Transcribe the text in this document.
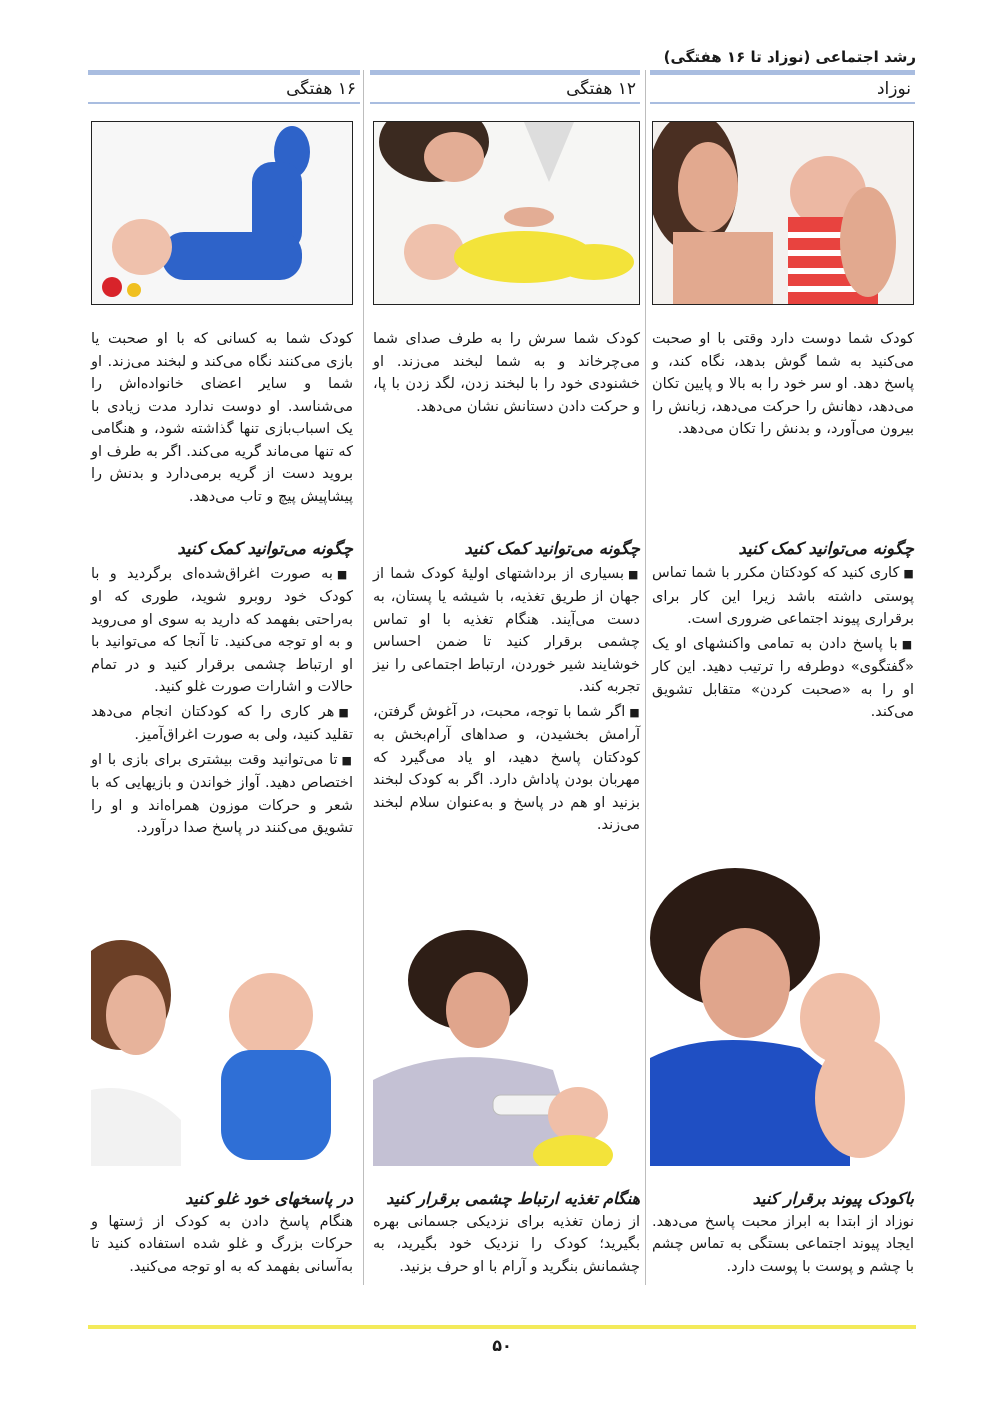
رشد اجتماعی (نوزاد تا ۱۶ هفتگی)
نوزاد
۱۲ هفتگی
۱۶ هفتگی

کودک شما دوست دارد وقتی با او صحبت می‌کنید به شما گوش بدهد، نگاه کند، و پاسخ دهد. او سر خود را به بالا و پایین تکان می‌دهد، دهانش را حرکت می‌دهد، زبانش را بیرون می‌آورد، و بدنش را تکان می‌دهد.

چگونه می‌توانید کمک کنید

■ کاری کنید که کودکتان مکرر با شما تماس پوستی داشته باشد زیرا این کار برای برقراری پیوند اجتماعی ضروری است.

■ با پاسخ دادن به تمامی واکنشهای او یک «گفتگوی» دوطرفه را ترتیب دهید. این کار او را به «صحبت کردن» متقابل تشویق می‌کند.

کودک شما سرش را به طرف صدای شما می‌چرخاند و به شما لبخند می‌زند. او خشنودی خود را با لبخند زدن، لگد زدن با پا، و حرکت دادن دستانش نشان می‌دهد.

چگونه می‌توانید کمک کنید

■ بسیاری از برداشتهای اولیهٔ کودک شما از جهان از طریق تغذیه، با شیشه یا پستان، به دست می‌آیند. هنگام تغذیه با او تماس چشمی برقرار کنید تا ضمن احساس خوشایند شیر خوردن، ارتباط اجتماعی را نیز تجربه کند.

■ اگر شما با توجه، محبت، در آغوش گرفتن، آرامش بخشیدن، و صداهای آرام‌بخش به کودکتان پاسخ دهید، او یاد می‌گیرد که مهربان بودن پاداش دارد. اگر به کودک لبخند بزنید او هم در پاسخ و به‌عنوان سلام لبخند می‌زند.

کودک شما به کسانی که با او صحبت یا بازی می‌کنند نگاه می‌کند و لبخند می‌زند. او شما و سایر اعضای خانواده‌اش را می‌شناسد. او دوست ندارد مدت زیادی با یک اسباب‌بازی تنها گذاشته شود، و هنگامی که تنها می‌ماند گریه می‌کند. اگر به طرف او بروید دست از گریه برمی‌دارد و بدنش را پیشاپیش پیچ و تاب می‌دهد.

چگونه می‌توانید کمک کنید

■ به صورت اغراق‌شده‌ای برگردید و با کودک خود روبرو شوید، طوری که او به‌راحتی بفهمد که دارید به سوی او می‌روید و به او توجه می‌کنید. تا آنجا که می‌توانید با او ارتباط چشمی برقرار کنید و در تمام حالات و اشارات صورت غلو کنید.

■ هر کاری را که کودکتان انجام می‌دهد تقلید کنید، ولی به صورت اغراق‌آمیز.

■ تا می‌توانید وقت بیشتری برای بازی با او اختصاص دهید. آواز خواندن و بازیهایی که با شعر و حرکات موزون همراه‌اند و او را تشویق می‌کنند در پاسخ صدا درآورد.

باکودک پیوند برقرار کنید

نوزاد از ابتدا به ابراز محبت پاسخ می‌دهد. ایجاد پیوند اجتماعی بستگی به تماس چشم با چشم و پوست با پوست دارد.

هنگام تغذیه ارتباط چشمی برقرار کنید

از زمان تغذیه برای نزدیکی جسمانی بهره بگیرید؛ کودک را نزدیک خود بگیرید، به چشمانش بنگرید و آرام با او حرف بزنید.

در پاسخهای خود غلو کنید

هنگام پاسخ دادن به کودک از ژستها و حرکات بزرگ و غلو شده استفاده کنید تا به‌آسانی بفهمد که به او توجه می‌کنید.

۵۰
